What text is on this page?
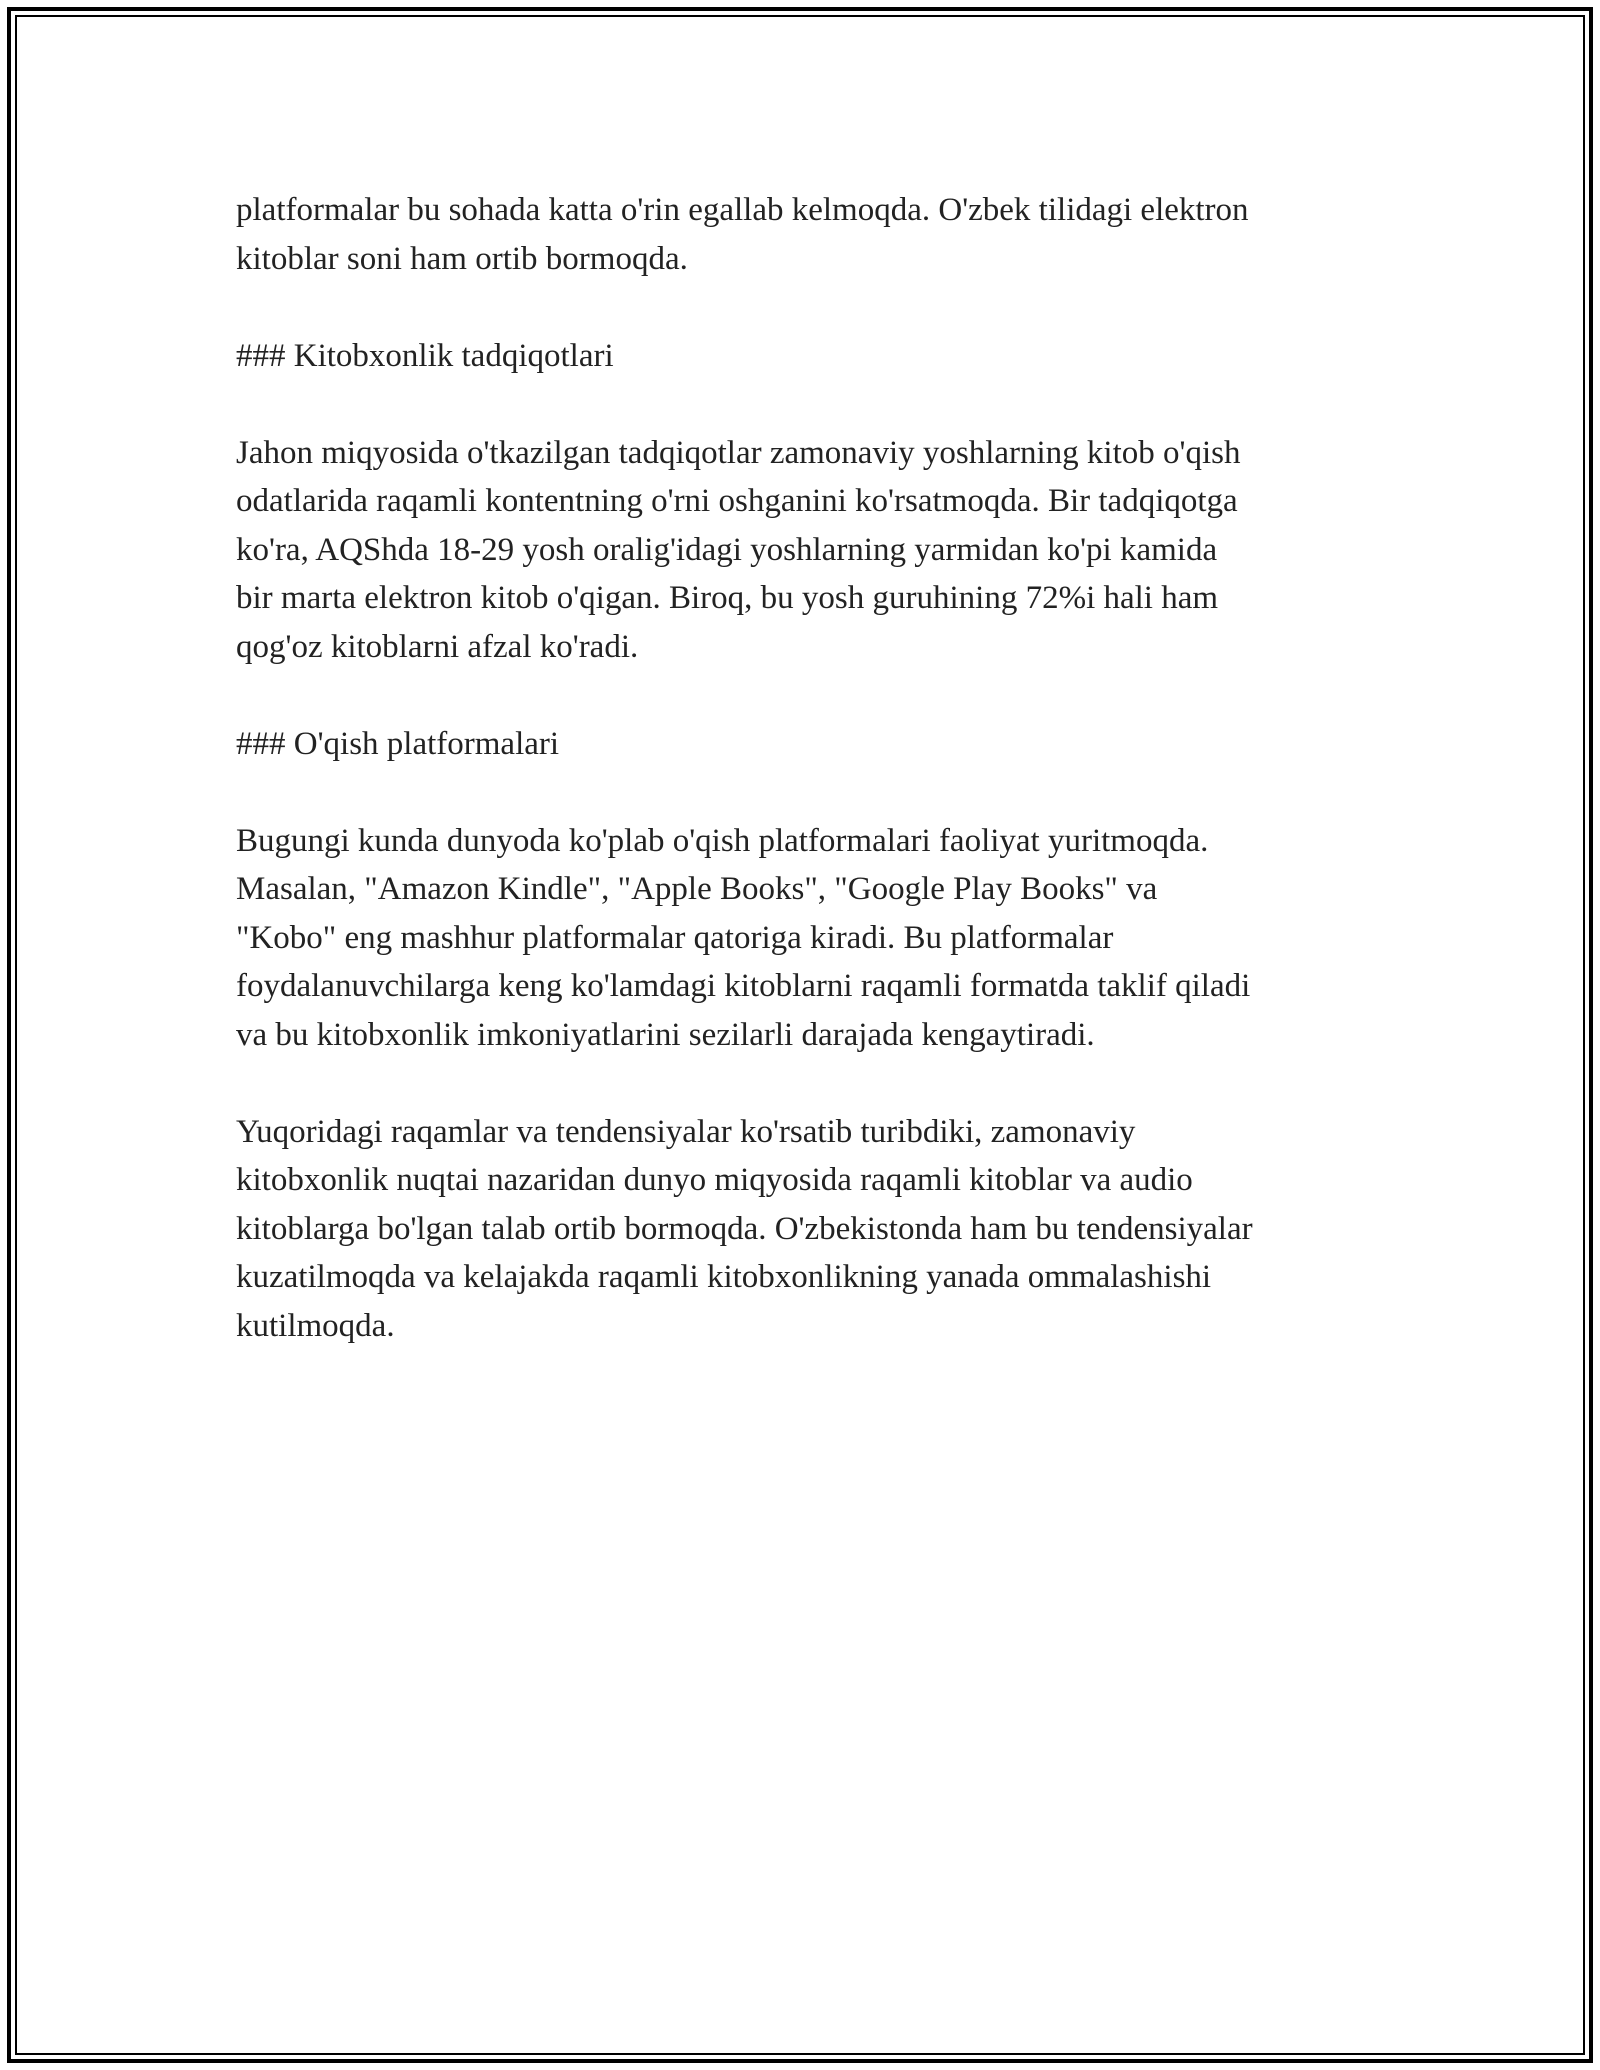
platformalar bu sohada katta o'rin egallab kelmoqda. O'zbek tilidagi elektron
kitoblar soni ham ortib bormoqda.

### Kitobxonlik tadqiqotlari

Jahon miqyosida o'tkazilgan tadqiqotlar zamonaviy yoshlarning kitob o'qish
odatlarida raqamli kontentning o'rni oshganini ko'rsatmoqda. Bir tadqiqotga
ko'ra, AQShda 18-29 yosh oralig'idagi yoshlarning yarmidan ko'pi kamida
bir marta elektron kitob o'qigan. Biroq, bu yosh guruhining 72%i hali ham
qog'oz kitoblarni afzal ko'radi.

### O'qish platformalari

Bugungi kunda dunyoda ko'plab o'qish platformalari faoliyat yuritmoqda.
Masalan, "Amazon Kindle", "Apple Books", "Google Play Books" va
"Kobo" eng mashhur platformalar qatoriga kiradi. Bu platformalar
foydalanuvchilarga keng ko'lamdagi kitoblarni raqamli formatda taklif qiladi
va bu kitobxonlik imkoniyatlarini sezilarli darajada kengaytiradi.

Yuqoridagi raqamlar va tendensiyalar ko'rsatib turibdiki, zamonaviy
kitobxonlik nuqtai nazaridan dunyo miqyosida raqamli kitoblar va audio
kitoblarga bo'lgan talab ortib bormoqda. O'zbekistonda ham bu tendensiyalar
kuzatilmoqda va kelajakda raqamli kitobxonlikning yanada ommalashishi
kutilmoqda.
